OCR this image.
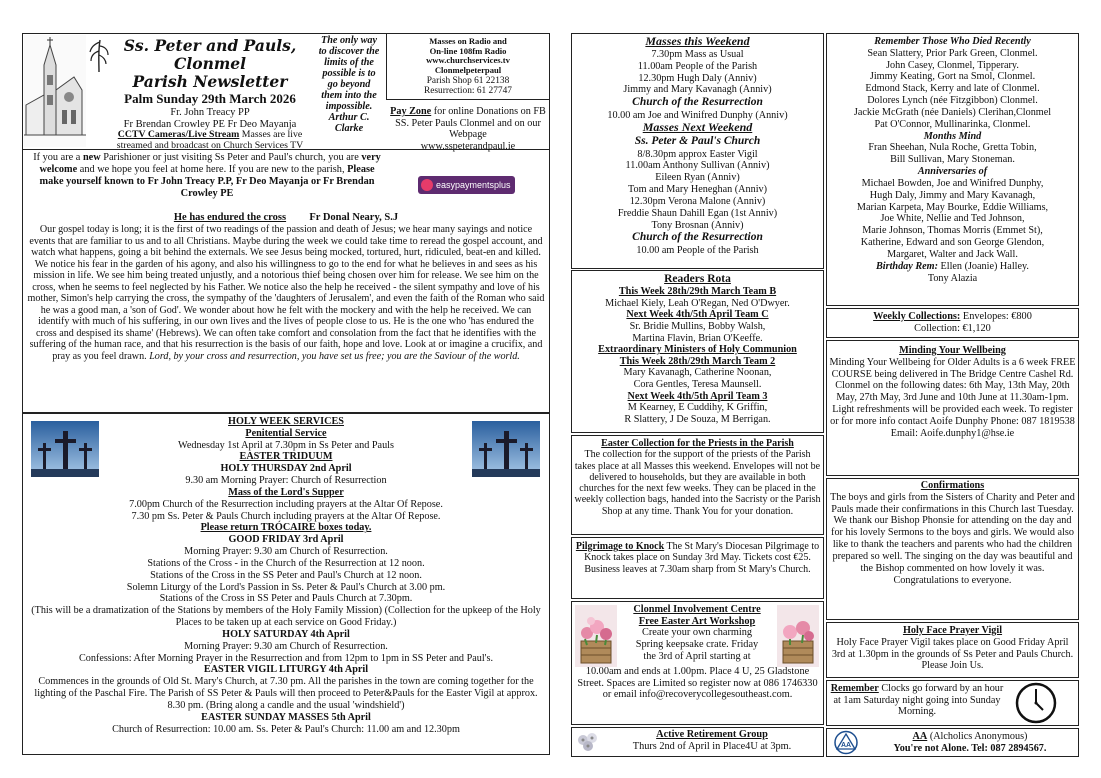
Ss. Peter and Pauls, Clonmel
Parish Newsletter
Palm Sunday 29th March 2026
Fr. John Treacy PP
Fr Brendan Crowley PE Fr Deo Mayanja
CCTV Cameras/Live Stream Masses are live streamed and broadcast on Church Services TV
The only way
to discover the
limits of the
possible is to
go beyond
them into the
impossible.
Arthur C.
Clarke
Masses on Radio and
On-line 108fm Radio
www.churchservices.tv
Clonmelpeterpaul
Parish Shop 61 22138
Resurrection: 61 27747
Pay Zone for online Donations on FB SS. Peter Pauls Clonmel and on our Webpage
www.sspeterandpaul.ie
easypaymentsplus
If you are a new Parishioner or just visiting Ss Peter and Paul's church, you are very welcome and we hope you feel at home here. If you are new to the parish, Please make yourself known to Fr John Treacy P.P, Fr Deo Mayanja or Fr Brendan Crowley PE
He has endured the cross Fr Donal Neary, S.J
Our gospel today is long; it is the first of two readings of the passion and death of Jesus; we hear many sayings and notice events that are familiar to us and to all Christians. Maybe during the week we could take time to reread the gospel account, and watch what happens, going a bit behind the externals. We see Jesus being mocked, tortured, hurt, ridiculed, beat-en and killed. We notice his fear in the garden of his agony, and also his willingness to go to the end for what he believes in and sees as his mission in life. We see him being treated unjustly, and a notorious thief being chosen over him for release. We see him on the cross, when he seems to feel neglected by his Father. We notice also the help he received - the silent sympathy and love of his mother, Simon's help carrying the cross, the sympathy of the 'daughters of Jerusalem', and even the faith of the Roman who said he was a good man, a 'son of God'. We wonder about how he felt with the mockery and with the help he received. We can identify with much of his suffering, in our own lives and the lives of people close to us. He is the one who 'has endured the cross and despised its shame' (Hebrews). We can often take comfort and consolation from the fact that he identifies with the suffering of the human race, and that his resurrection is the basis of our faith, hope and love. Look at or imagine a crucifix, and pray as you feel drawn. Lord, by your cross and resurrection, you have set us free; you are the Saviour of the world.
HOLY WEEK SERVICES
Penitential Service
Wednesday 1st April at 7.30pm in Ss Peter and Pauls
EASTER TRIDUUM
HOLY THURSDAY 2nd April
9.30 am Morning Prayer: Church of Resurrection
Mass of the Lord's Supper
7.00pm Church of the Resurrection including prayers at the Altar Of Repose.
7.30 pm Ss. Peter & Pauls Church including prayers at the Altar Of Repose.
Please return TRÓCAIRE boxes today.
GOOD FRIDAY 3rd April
Morning Prayer: 9.30 am Church of Resurrection.
Stations of the Cross - in the Church of the Resurrection at 12 noon.
Stations of the Cross in the SS Peter and Paul's Church at 12 noon.
Solemn Liturgy of the Lord's Passion in Ss. Peter & Paul's Church at 3.00 pm.
Stations of the Cross in SS Peter and Pauls Church at 7.30pm.
(This will be a dramatization of the Stations by members of the Holy Family Mission) (Collection for the upkeep of the Holy Places to be taken up at each service on Good Friday.)
HOLY SATURDAY 4th April
Morning Prayer: 9.30 am Church of Resurrection.
Confessions: After Morning Prayer in the Resurrection and from 12pm to 1pm in SS Peter and Paul's.
EASTER VIGIL LITURGY 4th April
Commences in the grounds of Old St. Mary's Church, at 7.30 pm. All the parishes in the town are coming together for the lighting of the Paschal Fire. The Parish of SS Peter & Pauls will then proceed to Peter&Pauls for the Easter Vigil at approx. 8.30 pm. (Bring along a candle and the usual 'windshield')
EASTER SUNDAY MASSES 5th April
Church of Resurrection: 10.00 am. Ss. Peter & Paul's Church: 11.00 am and 12.30pm
Masses this Weekend
7.30pm Mass as Usual
11.00am People of the Parish
12.30pm Hugh Daly (Anniv)
Jimmy and Mary Kavanagh (Anniv)
Church of the Resurrection
10.00 am Joe and Winifred Dunphy (Anniv)
Masses Next Weekend
Ss. Peter & Paul's Church
8/8.30pm approx Easter Vigil
11.00am Anthony Sullivan (Anniv)
Eileen Ryan (Anniv)
Tom and Mary Heneghan (Anniv)
12.30pm Verona Malone (Anniv)
Freddie Shaun Dahill Egan (1st Anniv)
Tony Brosnan (Anniv)
Church of the Resurrection
10.00 am People of the Parish
Readers Rota
This Week 28th/29th March Team B
Michael Kiely, Leah O'Regan, Ned O'Dwyer.
Next Week 4th/5th April Team C
Sr. Bridie Mullins, Bobby Walsh,
Martina Flavin, Brian O'Keeffe.
Extraordinary Ministers of Holy Communion
This Week 28th/29th March Team 2
Mary Kavanagh, Catherine Noonan,
Cora Gentles, Teresa Maunsell.
Next Week 4th/5th April Team 3
M Kearney, E Cuddihy, K Griffin,
R Slattery, J De Souza, M Berrigan.
Easter Collection for the Priests in the Parish
The collection for the support of the priests of the Parish takes place at all Masses this weekend. Envelopes will not be delivered to households, but they are available in both churches for the next few weeks. They can be placed in the weekly collection bags, handed into the Sacristy or the Parish Shop at any time. Thank You for your donation.
Pilgrimage to Knock The St Mary's Diocesan Pilgrimage to Knock takes place on Sunday 3rd May. Tickets cost €25. Business leaves at 7.30am sharp from St Mary's Church.
Clonmel Involvement Centre
Free Easter Art Workshop
Create your own charming
Spring keepsake crate. Friday
the 3rd of April starting at
10.00am and ends at 1.00pm. Place 4 U, 25 Gladstone Street. Spaces are Limited so register now at 086 1746330 or email info@recoverycollegesoutheast.com.
Active Retirement Group
Thurs 2nd of April in Place4U at 3pm.
Remember Those Who Died Recently
Sean Slattery, Prior Park Green, Clonmel.
John Casey, Clonmel, Tipperary.
Jimmy Keating, Gort na Smol, Clonmel.
Edmond Stack, Kerry and late of Clonmel.
Dolores Lynch (née Fitzgibbon) Clonmel.
Jackie McGrath (née Daniels) Clerihan,Clonmel
Pat O'Connor, Mullinarinka, Clonmel.
Months Mind
Fran Sheehan, Nula Roche, Gretta Tobin,
Bill Sullivan, Mary Stoneman.
Anniversaries of
Michael Bowden, Joe and Winifred Dunphy,
Hugh Daly, Jimmy and Mary Kavanagh,
Marian Karpeta, May Bourke, Eddie Williams,
Joe White, Nellie and Ted Johnson,
Marie Johnson, Thomas Morris (Emmet St),
Katherine, Edward and son George Glendon,
Margaret, Walter and Jack Wall.
Birthday Rem: Ellen (Joanie) Halley.
Tony Alazia
Weekly Collections: Envelopes: €800
Collection: €1,120
Minding Your Wellbeing
Minding Your Wellbeing for Older Adults is a 6 week FREE COURSE being delivered in The Bridge Centre Cashel Rd. Clonmel on the following dates: 6th May, 13th May, 20th May, 27th May, 3rd June and 10th June at 11.30am-1pm. Light refreshments will be provided each week. To register or for more info contact Aoife Dunphy Phone: 087 1819538 Email: Aoife.dunphy1@hse.ie
Confirmations
The boys and girls from the Sisters of Charity and Peter and Pauls made their confirmations in this Church last Tuesday. We thank our Bishop Phonsie for attending on the day and for his lovely Sermons to the boys and girls. We would also like to thank the teachers and parents who had the children prepared so well. The singing on the day was beautiful and the Bishop commented on how lovely it was. Congratulations to everyone.
Holy Face Prayer Vigil
Holy Face Prayer Vigil takes place on Good Friday April 3rd at 1.30pm in the grounds of Ss Peter and Pauls Church. Please Join Us.
Remember Clocks go forward by an hour at 1am Saturday night going into Sunday Morning.
AA
AA (Alcholics Anonymous)
You're not Alone. Tel: 087 2894567.
